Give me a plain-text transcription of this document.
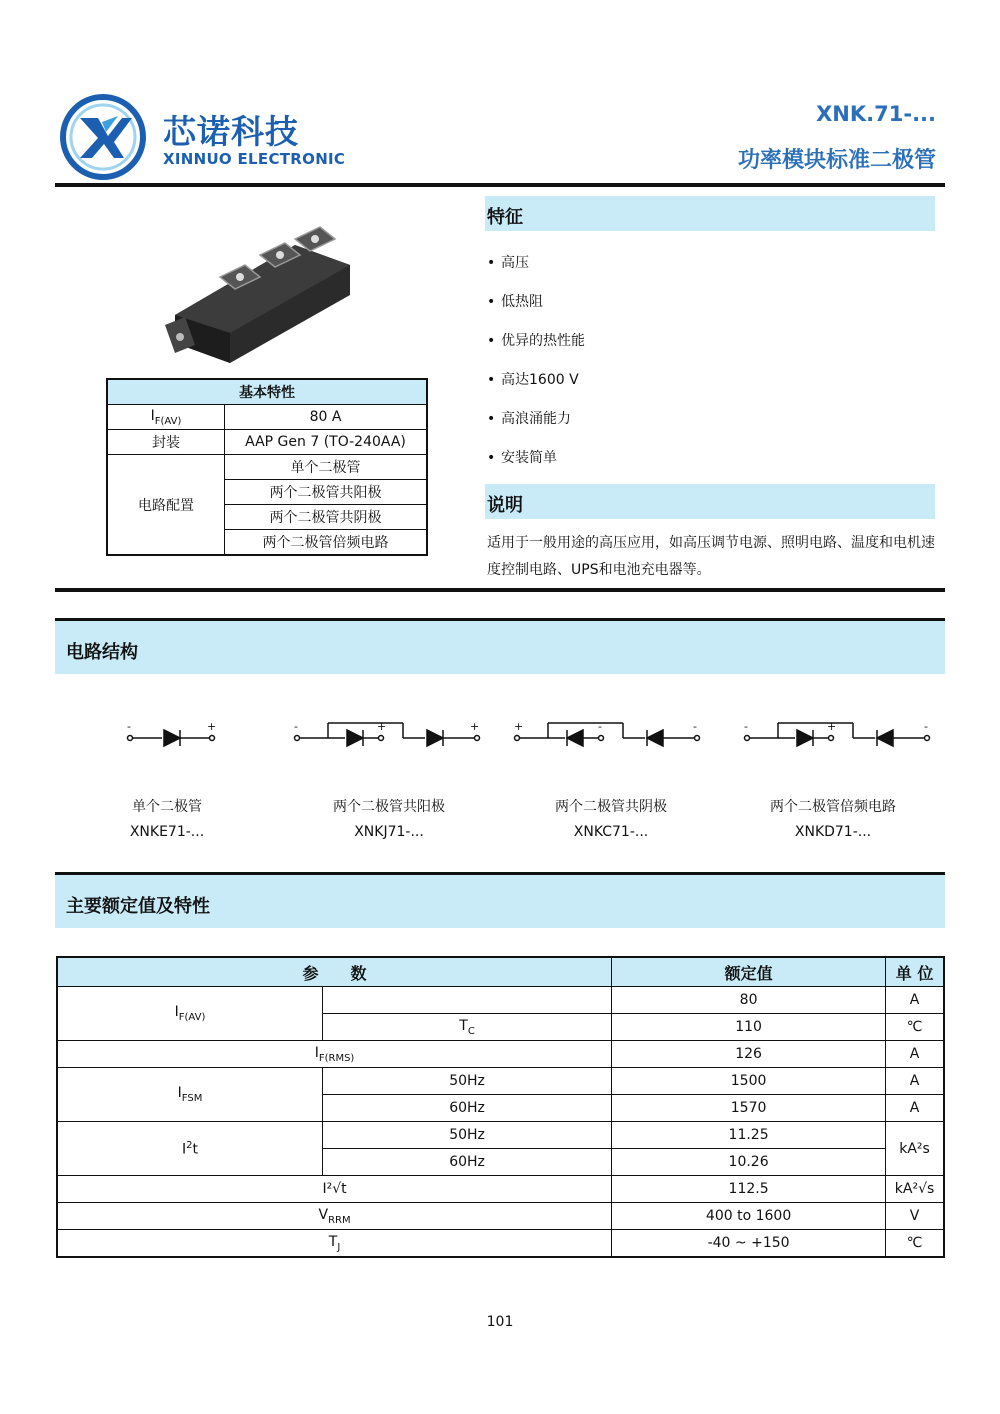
芯诺科技
XINNUO ELECTRONIC
XNK.71-...
功率模块标准二极管
基本特性	
$I_{F(AV)}$	80 A
封装	AAP Gen 7 (TO-240AA)
电路配置	单个二极管
	两个二极管共阳极
	两个二极管共阴极
	两个二极管倍频电路
特征
• 高压
• 低热阻
• 优异的热性能
• 高达1600 V
• 高浪涌能力
• 安装简单
说明
适用于一般用途的高压应用，如高压调节电源、照明电路、温度和电机速度控制电路、UPS和电池充电器等。
电路结构
-	+	-	+	+	+	-	-	-	+	-
单个二极管
XNKE71-...
两个二极管共阳极
XNKJ71-...
两个二极管共阴极
XNKC71-...
两个二极管倍频电路
XNKD71-...
主要额定值及特性
参　　数		额定值	单 位
$I_{F(AV)}$		80	A
	$T_C$	110	℃
$I_{F(RMS)}$		126	A
$I_{FSM}$	50Hz	1500	A
	60Hz	1570	A
$I^2t$	50Hz	11.25	kA²s
	60Hz	10.26	
I²√t		112.5	kA²√s
$V_{RRM}$		400 to 1600	V
$T_J$		-40 ~ +150	℃
101
